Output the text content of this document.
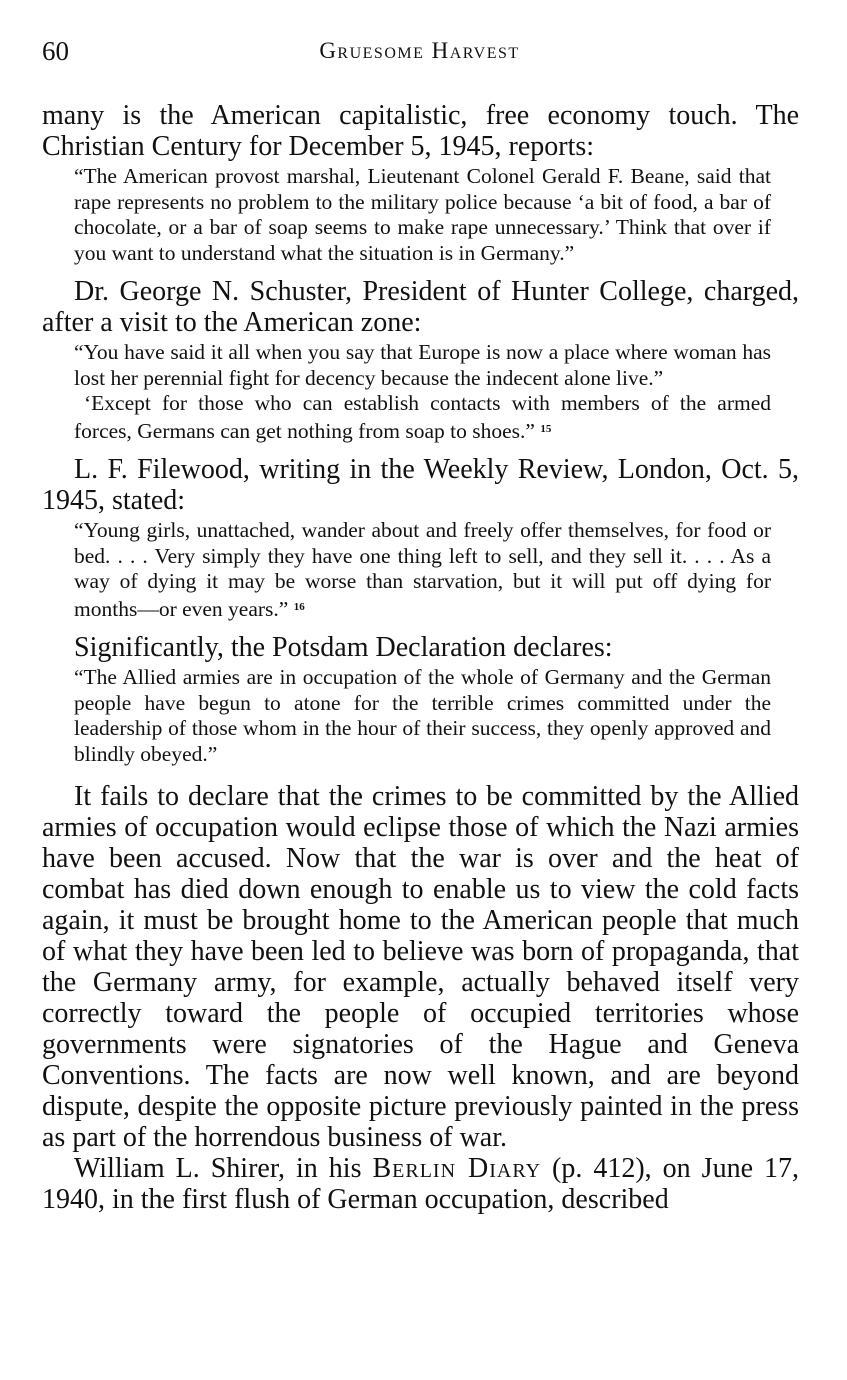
60	Gruesome Harvest

many is the American capitalistic, free economy touch. The Christian Century for December 5, 1945, reports:

“The American provost marshal, Lieutenant Colonel Gerald F. Beane, said that rape represents no problem to the military police because ‘a bit of food, a bar of chocolate, or a bar of soap seems to make rape unnecessary.’ Think that over if you want to understand what the situation is in Germany.”

Dr. George N. Schuster, President of Hunter College, charged, after a visit to the American zone:

“You have said it all when you say that Europe is now a place where woman has lost her perennial fight for decency because the indecent alone live.”

‘Except for those who can establish contacts with members of the armed forces, Germans can get nothing from soap to shoes.” $^{15}$

L. F. Filewood, writing in the Weekly Review, London, Oct. 5, 1945, stated:

“Young girls, unattached, wander about and freely offer themselves, for food or bed. . . . Very simply they have one thing left to sell, and they sell it. . . . As a way of dying it may be worse than starvation, but it will put off dying for months—or even years.” $^{16}$

Significantly, the Potsdam Declaration declares:

“The Allied armies are in occupation of the whole of Germany and the German people have begun to atone for the terrible crimes committed under the leadership of those whom in the hour of their success, they openly approved and blindly obeyed.”

It fails to declare that the crimes to be committed by the Allied armies of occupation would eclipse those of which the Nazi armies have been accused. Now that the war is over and the heat of combat has died down enough to enable us to view the cold facts again, it must be brought home to the American people that much of what they have been led to believe was born of propaganda, that the Germany army, for example, actually behaved itself very correctly toward the people of occupied territories whose governments were signatories of the Hague and Geneva Conventions. The facts are now well known, and are beyond dispute, despite the opposite picture previously painted in the press as part of the horrendous business of war.

William L. Shirer, in his Berlin Diary (p. 412), on June 17, 1940, in the first flush of German occupation, described
